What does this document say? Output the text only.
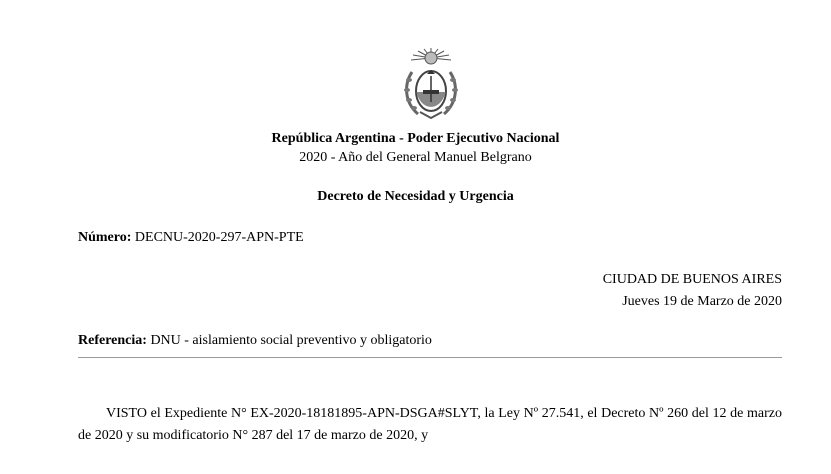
República Argentina - Poder Ejecutivo Nacional
2020 - Año del General Manuel Belgrano
Decreto de Necesidad y Urgencia
Número: DECNU-2020-297-APN-PTE
CIUDAD DE BUENOS AIRES
Jueves 19 de Marzo de 2020
Referencia: DNU - aislamiento social preventivo y obligatorio
VISTO el Expediente N° EX-2020-18181895-APN-DSGA#SLYT, la Ley Nº 27.541, el Decreto Nº 260 del 12 de marzo de 2020 y su modificatorio N° 287 del 17 de marzo de 2020, y
